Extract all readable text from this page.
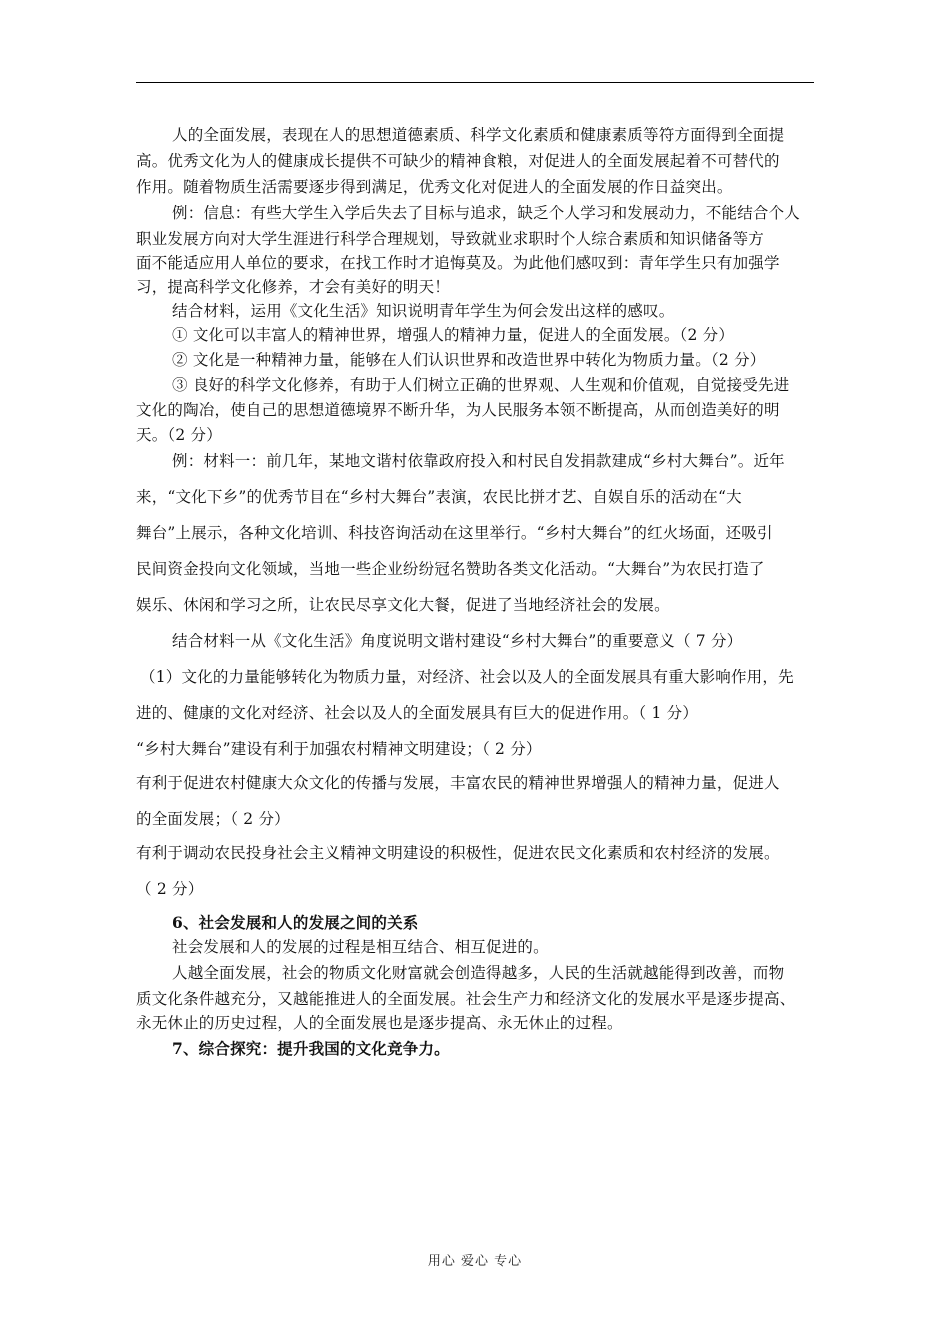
人的全面发展，表现在人的思想道德素质、科学文化素质和健康素质等符方面得到全面提
高。优秀文化为人的健康成长提供不可缺少的精神食粮，对促进人的全面发展起着不可替代的
作用。随着物质生活需要逐步得到满足，优秀文化对促进人的全面发展的作日益突出。
例：信息：有些大学生入学后失去了目标与追求，缺乏个人学习和发展动力，不能结合个人
职业发展方向对大学生涯进行科学合理规划，导致就业求职时个人综合素质和知识储备等方
面不能适应用人单位的要求，在找工作时才追悔莫及。为此他们感叹到：青年学生只有加强学
习，提高科学文化修养，才会有美好的明天！
结合材料，运用《文化生活》知识说明青年学生为何会发出这样的感叹。
① 文化可以丰富人的精神世界，增强人的精神力量，促进人的全面发展。（2 分）
② 文化是一种精神力量，能够在人们认识世界和改造世界中转化为物质力量。（2 分）
③ 良好的科学文化修养，有助于人们树立正确的世界观、人生观和价值观，自觉接受先进
文化的陶冶，使自己的思想道德境界不断升华，为人民服务本领不断提高，从而创造美好的明
天。（2 分）
例：材料一：前几年，某地文谐村依靠政府投入和村民自发捐款建成“乡村大舞台”。近年
来，“文化下乡”的优秀节目在“乡村大舞台”表演，农民比拼才艺、自娱自乐的活动在“大
舞台”上展示，各种文化培训、科技咨询活动在这里举行。“乡村大舞台”的红火场面，还吸引
民间资金投向文化领域，当地一些企业纷纷冠名赞助各类文化活动。“大舞台”为农民打造了
娱乐、休闲和学习之所，让农民尽享文化大餐，促进了当地经济社会的发展。
结合材料一从《文化生活》角度说明文谐村建设“乡村大舞台”的重要意义（ 7 分）
（1）文化的力量能够转化为物质力量，对经济、社会以及人的全面发展具有重大影响作用，先
进的、健康的文化对经济、社会以及人的全面发展具有巨大的促进作用。（ 1 分）
“乡村大舞台”建设有利于加强农村精神文明建设；（ 2 分）
有利于促进农村健康大众文化的传播与发展，丰富农民的精神世界增强人的精神力量，促进人
的全面发展；（ 2 分）
有利于调动农民投身社会主义精神文明建设的积极性，促进农民文化素质和农村经济的发展。
（ 2 分）
6、社会发展和人的发展之间的关系
社会发展和人的发展的过程是相互结合、相互促进的。
人越全面发展，社会的物质文化财富就会创造得越多，人民的生活就越能得到改善，而物
质文化条件越充分，又越能推进人的全面发展。社会生产力和经济文化的发展水平是逐步提高、
永无休止的历史过程，人的全面发展也是逐步提高、永无休止的过程。
7、综合探究：提升我国的文化竞争力。
用心 爱心 专心
